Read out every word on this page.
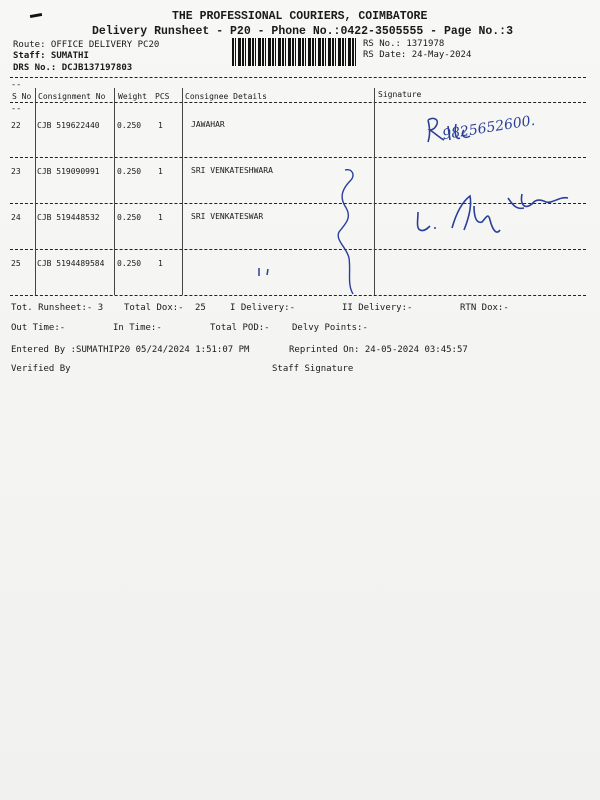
THE PROFESSIONAL COURIERS, COIMBATORE
Delivery Runsheet - P20 - Phone No.:0422-3505555 - Page No.:3
Route: OFFICE DELIVERY PC20
Staff: SUMATHI
DRS No.: DCJB137197803
RS No.: 1371978
RS Date: 24-May-2024
--
--
S No Consignment No Weight PCS Consignee Details	Signature
22 CJB 519622440 0.250 1	JAWAHAR
23 CJB 519090991 0.250 1	SRI VENKATESHWARA
24 CJB 519448532 0.250 1	SRI VENKATESWAR
25 CJB 5194489584 0.250 1
9825652600.
Tot. Runsheet:- 3 Total Dox:- 25	I Delivery:-	II Delivery:-	RTN Dox:-
Out Time:-	In Time:-	Total POD:- Delvy Points:-
Entered By :SUMATHIP20 05/24/2024 1:51:07 PM	Reprinted On: 24-05-2024 03:45:57
Verified By	Staff Signature
